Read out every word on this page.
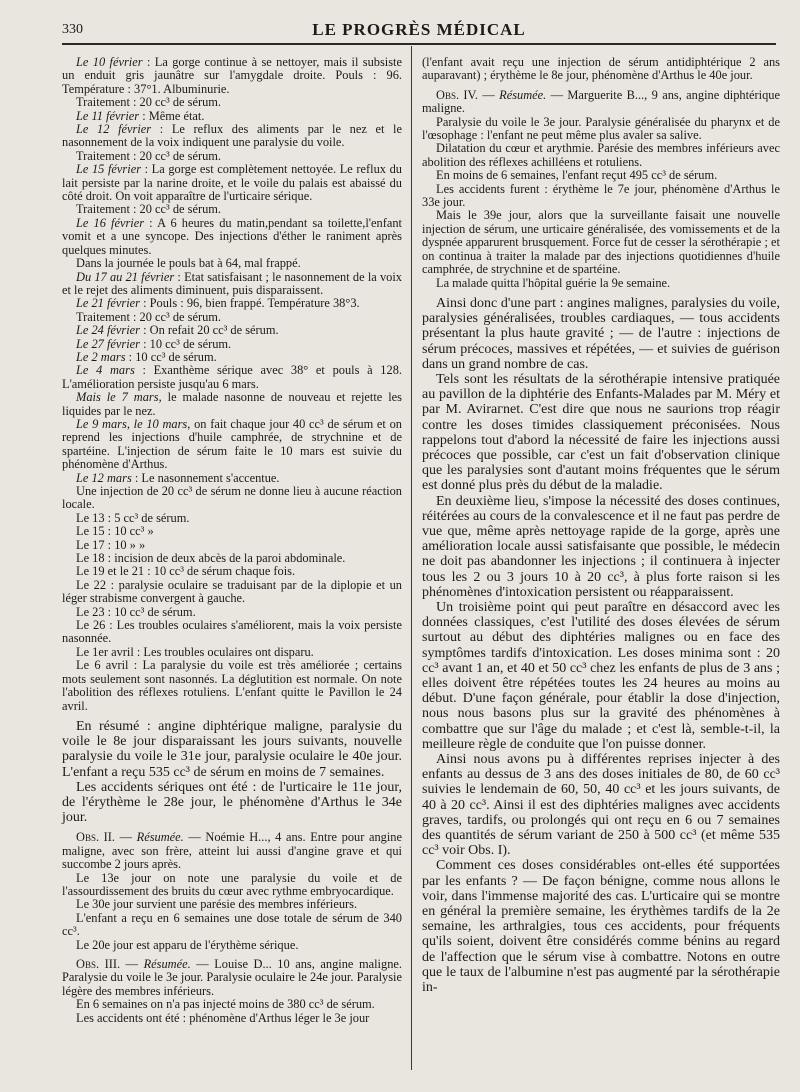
330	LE PROGRÈS MÉDICAL

Le 10 février : La gorge continue à se nettoyer, mais il subsiste un enduit gris jaunâtre sur l'amygdale droite. Pouls : 96. Température : 37°1. Albuminurie.

Traitement : 20 cc³ de sérum.

Le 11 février : Même état.

Le 12 février : Le reflux des aliments par le nez et le nasonnement de la voix indiquent une paralysie du voile.

Traitement : 20 cc³ de sérum.

Le 15 février : La gorge est complètement nettoyée. Le reflux du lait persiste par la narine droite, et le voile du palais est abaissé du côté droit. On voit apparaître de l'urticaire sérique.

Traitement : 20 cc³ de sérum.

Le 16 février : A 6 heures du matin,pendant sa toilette,l'enfant vomit et a une syncope. Des injections d'éther le raniment après quelques minutes.

Dans la journée le pouls bat à 64, mal frappé.

Du 17 au 21 février : Etat satisfaisant ; le nasonnement de la voix et le rejet des aliments diminuent, puis disparaissent.

Le 21 février : Pouls : 96, bien frappé. Température 38°3.

Traitement : 20 cc³ de sérum.

Le 24 février : On refait 20 cc³ de sérum.

Le 27 février : 10 cc³ de sérum.

Le 2 mars : 10 cc³ de sérum.

Le 4 mars : Exanthème sérique avec 38° et pouls à 128. L'amélioration persiste jusqu'au 6 mars.

Mais le 7 mars, le malade nasonne de nouveau et rejette les liquides par le nez.

Le 9 mars, le 10 mars, on fait chaque jour 40 cc³ de sérum et on reprend les injections d'huile camphrée, de strychnine et de spartéine. L'injection de sérum faite le 10 mars est suivie du phénomène d'Arthus.

Le 12 mars : Le nasonnement s'accentue.

Une injection de 20 cc³ de sérum ne donne lieu à aucune réaction locale.

Le 13 : 5 cc³ de sérum.

Le 15 : 10 cc³ »

Le 17 : 10 » »

Le 18 : incision de deux abcès de la paroi abdominale.

Le 19 et le 21 : 10 cc³ de sérum chaque fois.

Le 22 : paralysie oculaire se traduisant par de la diplopie et un léger strabisme convergent à gauche.

Le 23 : 10 cc³ de sérum.

Le 26 : Les troubles oculaires s'améliorent, mais la voix persiste nasonnée.

Le 1er avril : Les troubles oculaires ont disparu.

Le 6 avril : La paralysie du voile est très améliorée ; certains mots seulement sont nasonnés. La déglutition est normale. On note l'abolition des réflexes rotuliens. L'enfant quitte le Pavillon le 24 avril.

En résumé : angine diphtérique maligne, paralysie du voile le 8e jour disparaissant les jours suivants, nouvelle paralysie du voile le 31e jour, paralysie oculaire le 40e jour. L'enfant a reçu 535 cc³ de sérum en moins de 7 semaines.

Les accidents sériques ont été : de l'urticaire le 11e jour, de l'érythème le 28e jour, le phénomène d'Arthus le 34e jour.

Obs. II. — Résumée. — Noémie H..., 4 ans. Entre pour angine maligne, avec son frère, atteint lui aussi d'angine grave et qui succombe 2 jours après.

Le 13e jour on note une paralysie du voile et de l'assourdissement des bruits du cœur avec rythme embryocardique.

Le 30e jour survient une parésie des membres inférieurs.

L'enfant a reçu en 6 semaines une dose totale de sérum de 340 cc³.

Le 20e jour est apparu de l'érythème sérique.

Obs. III. — Résumée. — Louise D... 10 ans, angine maligne. Paralysie du voile le 3e jour. Paralysie oculaire le 24e jour. Paralysie légère des membres inférieurs.

En 6 semaines on n'a pas injecté moins de 380 cc³ de sérum.

Les accidents ont été : phénomène d'Arthus léger le 3e jour

(l'enfant avait reçu une injection de sérum antidiphtérique 2 ans auparavant) ; érythème le 8e jour, phénomène d'Arthus le 40e jour.

Obs. IV. — Résumée. — Marguerite B..., 9 ans, angine diphtérique maligne.

Paralysie du voile le 3e jour. Paralysie généralisée du pharynx et de l'œsophage : l'enfant ne peut même plus avaler sa salive.

Dilatation du cœur et arythmie. Parésie des membres inférieurs avec abolition des réflexes achilléens et rotuliens.

En moins de 6 semaines, l'enfant reçut 495 cc³ de sérum.

Les accidents furent : érythème le 7e jour, phénomène d'Arthus le 33e jour.

Mais le 39e jour, alors que la surveillante faisait une nouvelle injection de sérum, une urticaire généralisée, des vomissements et de la dyspnée apparurent brusquement. Force fut de cesser la sérothérapie ; et on continua à traiter la malade par des injections quotidiennes d'huile camphrée, de strychnine et de spartéine.

La malade quitta l'hôpital guérie la 9e semaine.

Ainsi donc d'une part : angines malignes, paralysies du voile, paralysies généralisées, troubles cardiaques, — tous accidents présentant la plus haute gravité ; — de l'autre : injections de sérum précoces, massives et répétées, — et suivies de guérison dans un grand nombre de cas.

Tels sont les résultats de la sérothérapie intensive pratiquée au pavillon de la diphtérie des Enfants-Malades par M. Méry et par M. Avirагnet. C'est dire que nous ne saurions trop réagir contre les doses timides classiquement préconisées. Nous rappelons tout d'abord la nécessité de faire les injections aussi précoces que possible, car c'est un fait d'observation clinique que les paralysies sont d'autant moins fréquentes que le sérum est donné plus près du début de la maladie.

En deuxième lieu, s'impose la nécessité des doses continues, réitérées au cours de la convalescence et il ne faut pas perdre de vue que, même après nettoyage rapide de la gorge, après une amélioration locale aussi satisfaisante que possible, le médecin ne doit pas abandonner les injections ; il continuera à injecter tous les 2 ou 3 jours 10 à 20 cc³, à plus forte raison si les phénomènes d'intoxication persistent ou réapparaissent.

Un troisième point qui peut paraître en désaccord avec les données classiques, c'est l'utilité des doses élevées de sérum surtout au début des diphtéries malignes ou en face des symptômes tardifs d'intoxication. Les doses minima sont : 20 cc³ avant 1 an, et 40 et 50 cc³ chez les enfants de plus de 3 ans ; elles doivent être répétées toutes les 24 heures au moins au début. D'une façon générale, pour établir la dose d'injection, nous nous basons plus sur la gravité des phénomènes à combattre que sur l'âge du malade ; et c'est là, semble-t-il, la meilleure règle de conduite que l'on puisse donner.

Ainsi nous avons pu à différentes reprises injecter à des enfants au dessus de 3 ans des doses initiales de 80, de 60 cc³ suivies le lendemain de 60, 50, 40 cc³ et les jours suivants, de 40 à 20 cc³. Ainsi il est des diphtéries malignes avec accidents graves, tardifs, ou prolongés qui ont reçu en 6 ou 7 semaines des quantités de sérum variant de 250 à 500 cc³ (et même 535 cc³ voir Obs. I).

Comment ces doses considérables ont-elles été supportées par les enfants ? — De façon bénigne, comme nous allons le voir, dans l'immense majorité des cas. L'urticaire qui se montre en général la première semaine, les érythèmes tardifs de la 2e semaine, les arthralgies, tous ces accidents, pour fréquents qu'ils soient, doivent être considérés comme bénins au regard de l'affection que le sérum vise à combattre. Notons en outre que le taux de l'albumine n'est pas augmenté par la sérothérapie in-
